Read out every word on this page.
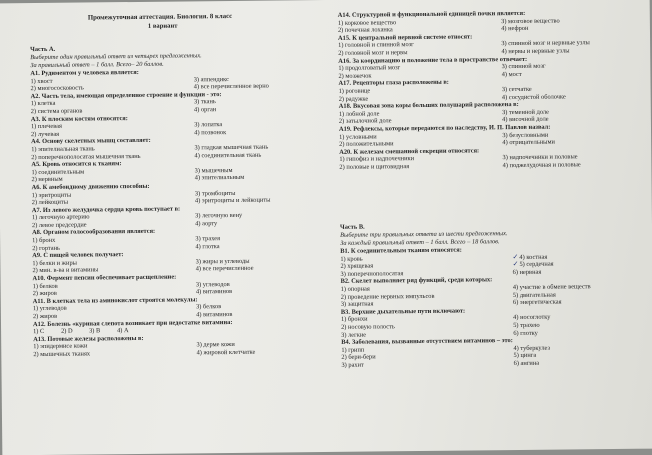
Промежуточная аттестация. Биология. 8 класс
1 вариант
Часть А.
Выберите один правильный ответ из четырех предложенных.
За правильный ответ – 1 балл. Всего– 20 баллов.
А1. Рудиментом у человека является:
1) хвост	3) аппендикс
2) многососковость	4) все перечисленное верно
А2. Часть тела, имеющая определенное строение и функции - это:
1) клетка	3) ткань
2) система органов	4) орган
А3. К плоским костям относятся:
1) плечевая	3) лопатка
2) лучевая	4) позвонок
А4. Основу скелетных мышц составляет:
1) эпителиальная ткань	3) гладкая мышечная ткань
2) поперечнополосатая мышечная ткань	4) соединительная ткань
А5. Кровь относится к тканям:
1) соединительным	3) мышечным
2) нервным	4) эпителиальным
А6. К амебоидному движению способны:
1) эритроциты	3) тромбоциты
2) лейкоциты	4) эритроциты и лейкоциты
А7. Из левого желудочка сердца кровь поступает в:
1) легочную артерию	3) легочную вену
2) левое предсердие	4) аорту
А8. Органом голосообразования является:
1) бронх	3) трахея
2) гортань	4) глотка
А9. С пищей человек получает:
1) белки и жиры	3) жиры и углеводы
2) мин. в-ва и витамины	4) все перечисленное
А10. Фермент пепсин обеспечивает расщепление:
1) белков	3) углеводов
2) жиров	4) витаминов
А11. В клетках тела из аминокислот строятся молекулы:
1) углеводов	3) белков
2) жиров	4) витаминов
А12. Болезнь «куриная слепота возникает при недостатке витамина:
1) С	2) D	3) В	4) А
А13. Потовые железы расположены в:
1) эпидермисе кожи	3) дерме кожи
2) мышечных тканях	4) жировой клетчатке
А14. Структурной и функциональной единицей почки является:
1) корковое вещество	3) мозговое вещество
2) почечная лоханка	4) нефрон
А15. К центральной нервной системе относят:
1) головной и спинной мозг	3) спинной мозг и нервные узлы
2) головной мозг и нервы	4) нервы и нервные узлы
А16. За координацию и положение тела в пространстве отвечает:
1) продолговатый мозг	3) спинной мозг
2) мозжечок	4) мост
А17. Рецепторы глаза расположены в:
1) роговице	3) сетчатке
2) радужке	4) сосудистой оболочке
А18. Вкусовая зона коры больших полушарий расположена в:
1) лобной доле	3) теменной доле
2) затылочной доле	4) височной доле
А19. Рефлексы, которые передаются по наследству, И. П. Павлов назвал:
1) условными	3) безусловными
2) положительными	4) отрицательными
А20. К железам смешанной секреции относятся:
1) гипофиз и надпочечники	3) надпочечники и половые
2) половые и щитовидная	4) поджелудочная и половые
Часть В.
Выберите три правильных ответа из шести предложенных.
За каждый правильный ответ – 1 балл. Всего – 18 баллов.
В1. К соединительным тканям относятся:
1) кровь	✓4) костная
2) хрящевая	✓5) сердечная
3) поперечнополосатая	6) нервная
В2. Скелет выполняет ряд функций, среди которых:
1) опорная	4) участие в обмене веществ
2) проведение нервных импульсов	5) двигательная
3) защитная	6) энергетическая
В3. Верхние дыхательные пути включают:
1) бронхи	4) носоглотку
2) носовую полость	5) трахею
3) легкие	6) глотку
В4. Заболевания, вызванные отсутствием витаминов – это:
1) грипп	4) туберкулез
2) бери-бери	5) цинга
3) рахит	6) ангина
